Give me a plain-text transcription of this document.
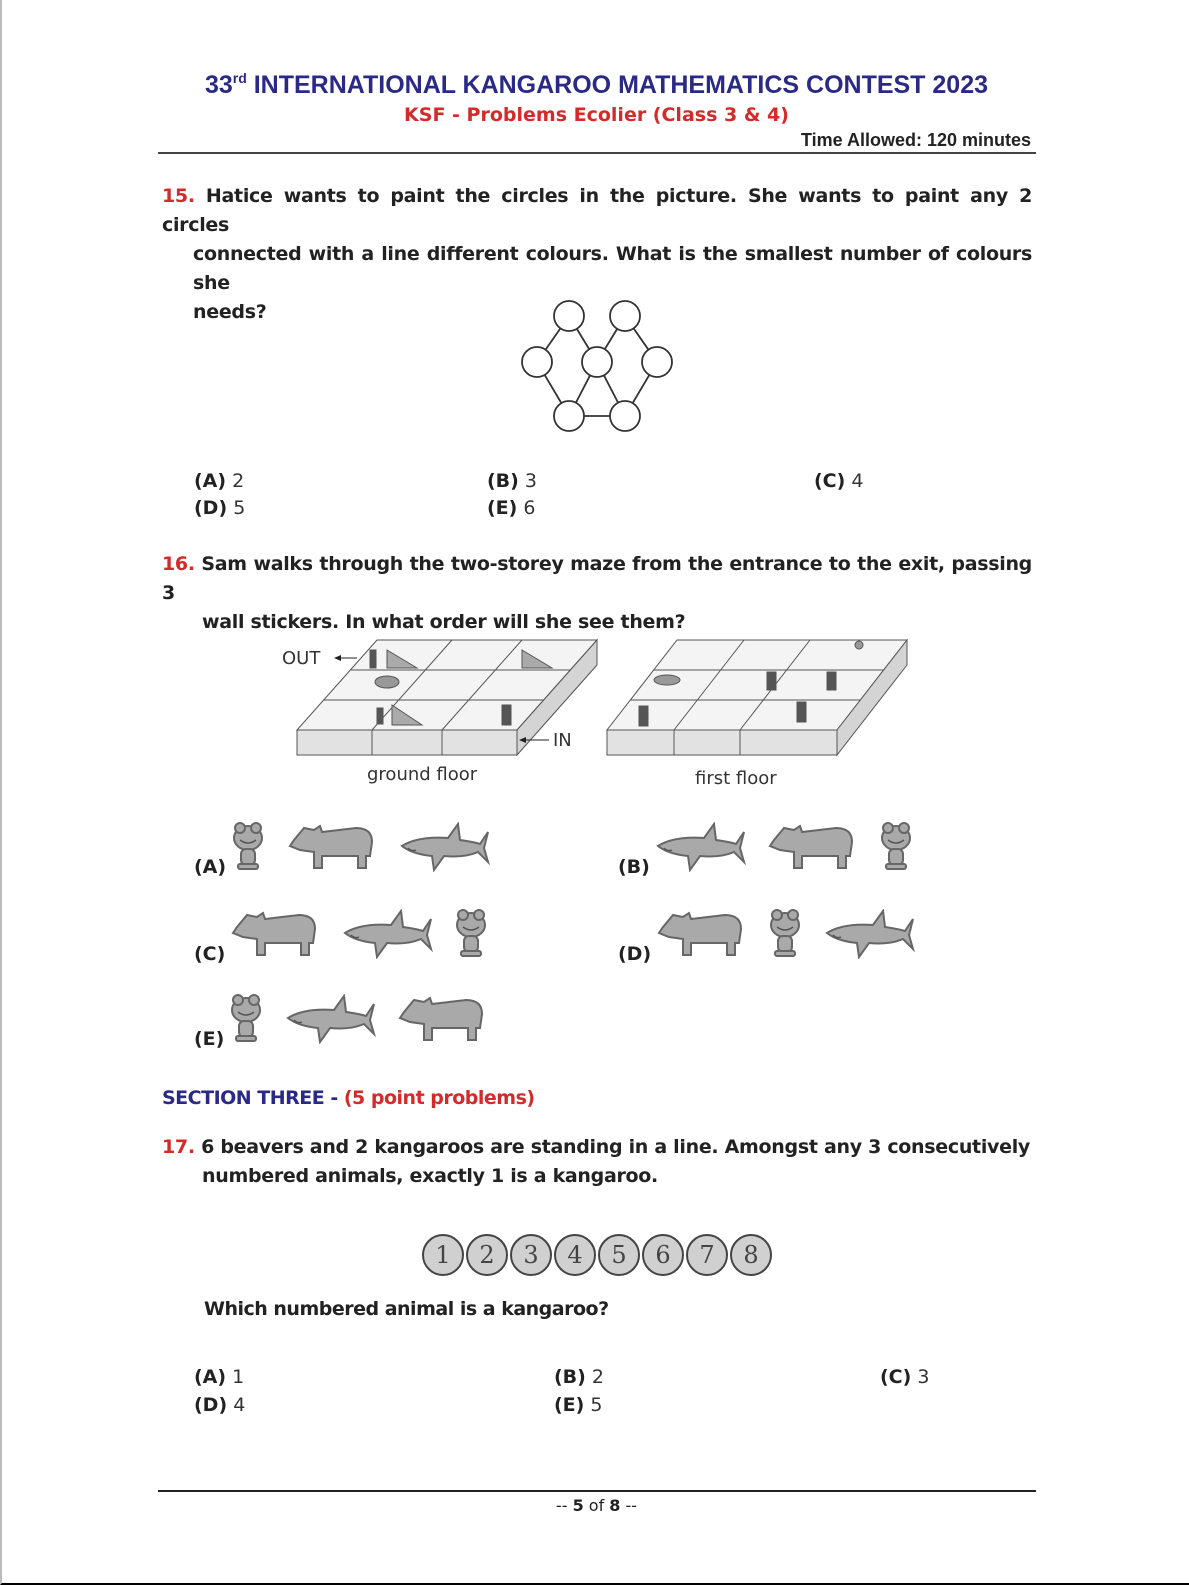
33rd INTERNATIONAL KANGAROO MATHEMATICS CONTEST 2023
KSF - Problems Ecolier (Class 3 & 4)
Time Allowed: 120 minutes
15. Hatice wants to paint the circles in the picture. She wants to paint any 2 circles
connected with a line different colours. What is the smallest number of colours she
needs?
(A) 2	(B) 3	(C) 4
(D) 5	(E) 6
16. Sam walks through the two-storey maze from the entrance to the exit, passing 3
wall stickers. In what order will she see them?
OUT
IN
ground floor	first floor
(A)	(B)
(C)	(D)
(E)
SECTION THREE - (5 point problems)
17. 6 beavers and 2 kangaroos are standing in a line. Amongst any 3 consecutively
numbered animals, exactly 1 is a kangaroo.
1	2	3	4	5	6	7	8
Which numbered animal is a kangaroo?
(A) 1	(B) 2	(C) 3
(D) 4	(E) 5
-- 5 of 8 --
